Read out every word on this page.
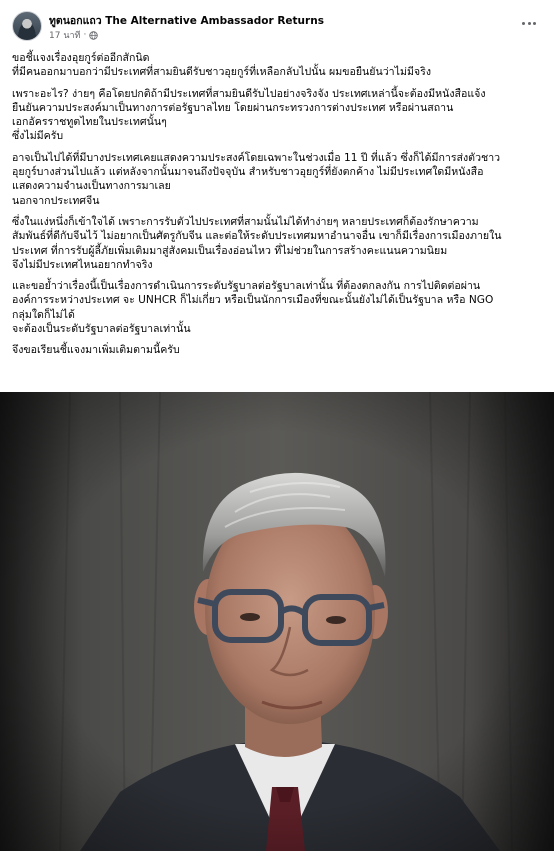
ทูตนอกแถว The Alternative Ambassador Returns
17 นาที ·
ขอชี้แจงเรื่องอุยกูร์ต่ออีกสักนิด
ที่มีคนออกมาบอกว่ามีประเทศที่สามยินดีรับชาวอุยกูร์ที่เหลือกลับไปนั้น ผมขอยืนยันว่าไม่มีจริง
เพราะอะไร? ง่ายๆ คือโดยปกติถ้ามีประเทศที่สามยินดีรับไปอย่างจริงจัง ประเทศเหล่านี้จะต้องมีหนังสือแจ้ง
ยืนยันความประสงค์มาเป็นทางการต่อรัฐบาลไทย โดยผ่านกระทรวงการต่างประเทศ หรือผ่านสถาน
เอกอัครราชทูตไทยในประเทศนั้นๆ
ซึ่งไม่มีครับ
อาจเป็นไปได้ที่มีบางประเทศเคยแสดงความประสงค์โดยเฉพาะในช่วงเมื่อ 11 ปี ที่แล้ว ซึ่งก็ได้มีการส่งตัวชาว
อุยกูร์บางส่วนไปแล้ว แต่หลังจากนั้นมาจนถึงปัจจุบัน สำหรับชาวอุยกูร์ที่ยังตกค้าง ไม่มีประเทศใดมีหนังสือ
แสดงความจำนงเป็นทางการมาเลย
นอกจากประเทศจีน
ซึ่งในแง่หนึ่งก็เข้าใจได้ เพราะการรับตัวไปประเทศที่สามนั้นไม่ได้ทำง่ายๆ หลายประเทศก็ต้องรักษาความ
สัมพันธ์ที่ดีกับจีนไว้ ไม่อยากเป็นศัตรูกับจีน และต่อให้ระดับประเทศมหาอำนาจอื่น เขาก็มีเรื่องการเมืองภายใน
ประเทศ ที่การรับผู้ลี้ภัยเพิ่มเติมมาสู่สังคมเป็นเรื่องอ่อนไหว ที่ไม่ช่วยในการสร้างคะแนนความนิยม
จึงไม่มีประเทศไหนอยากทำจริง
และขอย้ำว่าเรื่องนี้เป็นเรื่องการดำเนินการระดับรัฐบาลต่อรัฐบาลเท่านั้น ที่ต้องตกลงกัน การไปติดต่อผ่าน
องค์การระหว่างประเทศ จะ UNHCR ก็ไม่เกี่ยว หรือเป็นนักการเมืองที่ขณะนั้นยังไม่ได้เป็นรัฐบาล หรือ NGO
กลุ่มใดก็ไม่ได้
จะต้องเป็นระดับรัฐบาลต่อรัฐบาลเท่านั้น
จึงขอเรียนชี้แจงมาเพิ่มเติมตามนี้ครับ
